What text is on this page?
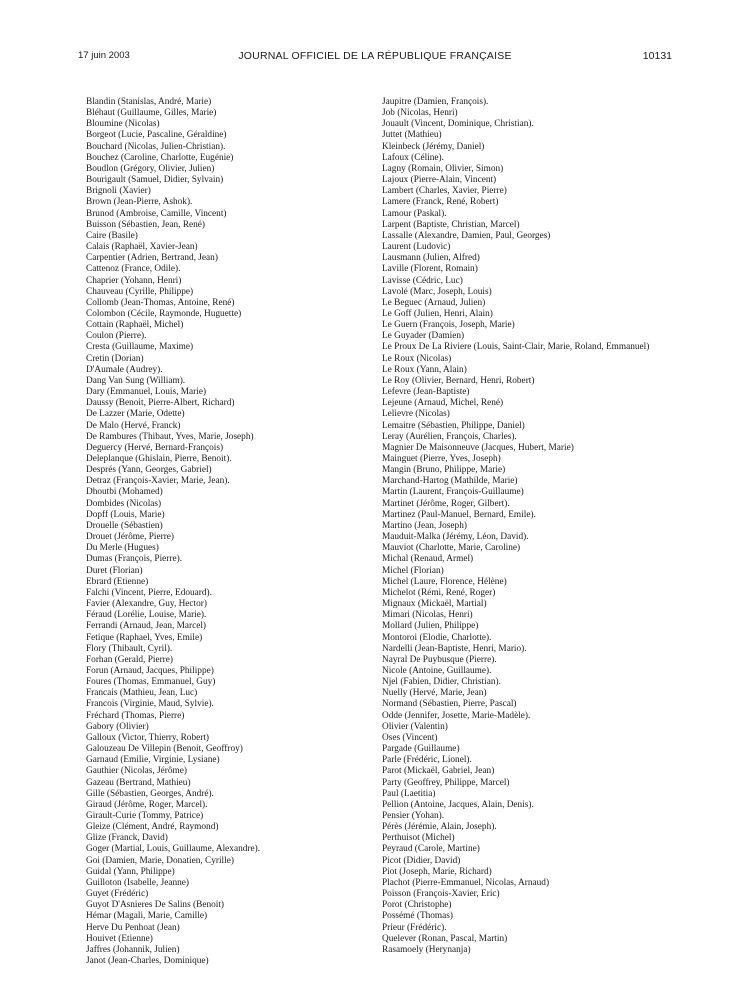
17 juin 2003	JOURNAL OFFICIEL DE LA RÉPUBLIQUE FRANÇAISE	10131
Blandin (Stanislas, André, Marie)
Bléhaut (Guillaume, Gilles, Marie)
Bloumine (Nicolas)
Borgeot (Lucie, Pascaline, Géraldine)
Bouchard (Nicolas, Julien-Christian).
Bouchez (Caroline, Charlotte, Eugénie)
Boudlon (Grégory, Olivier, Julien)
Bourigault (Samuel, Didier, Sylvain)
Brignoli (Xavier)
Brown (Jean-Pierre, Ashok).
Brunod (Ambroise, Camille, Vincent)
Buisson (Sébastien, Jean, René)
Caire (Basile)
Calais (Raphaël, Xavier-Jean)
Carpentier (Adrien, Bertrand, Jean)
Cattenoz (France, Odile).
Chaprier (Yohann, Henri)
Chauveau (Cyrille, Philippe)
Collomb (Jean-Thomas, Antoine, René)
Colombon (Cécile, Raymonde, Huguette)
Cottain (Raphaël, Michel)
Coulon (Pierre).
Cresta (Guillaume, Maxime)
Cretin (Dorian)
D'Aumale (Audrey).
Dang Van Sung (William).
Dary (Emmanuel, Louis, Marie)
Daussy (Benoit, Pierre-Albert, Richard)
De Lazzer (Marie, Odette)
De Malo (Hervé, Franck)
De Rambures (Thibaut, Yves, Marie, Joseph)
Deguercy (Hervé, Bernard-François)
Deleplanque (Ghislain, Pierre, Benoit).
Després (Yann, Georges, Gabriel)
Detraz (François-Xavier, Marie, Jean).
Dhoutbi (Mohamed)
Dombides (Nicolas)
Dopff (Louis, Marie)
Drouelle (Sébastien)
Drouet (Jérôme, Pierre)
Du Merle (Hugues)
Dumas (François, Pierre).
Duret (Florian)
Ebrard (Etienne)
Falchi (Vincent, Pierre, Edouard).
Favier (Alexandre, Guy, Hector)
Féraud (Lorélie, Louise, Marie).
Ferrandi (Arnaud, Jean, Marcel)
Fetique (Raphael, Yves, Emile)
Flory (Thibault, Cyril).
Forhan (Gerald, Pierre)
Forun (Arnaud, Jacques, Philippe)
Foures (Thomas, Emmanuel, Guy)
Francais (Mathieu, Jean, Luc)
Francois (Virginie, Maud, Sylvie).
Fréchard (Thomas, Pierre)
Gabory (Olivier)
Galloux (Victor, Thierry, Robert)
Galouzeau De Villepin (Benoit, Geoffroy)
Garnaud (Emilie, Virginie, Lysiane)
Gauthier (Nicolas, Jérôme)
Gazeau (Bertrand, Mathieu)
Gille (Sébastien, Georges, André).
Giraud (Jérôme, Roger, Marcel).
Girault-Curie (Tommy, Patrice)
Gleize (Clément, André, Raymond)
Glize (Franck, David)
Goger (Martial, Louis, Guillaume, Alexandre).
Goi (Damien, Marie, Donatien, Cyrille)
Guidal (Yann, Philippe)
Guilloton (Isabelle, Jeanne)
Guyet (Frédéric)
Guyot D'Asnieres De Salins (Benoit)
Hémar (Magali, Marie, Camille)
Herve Du Penhoat (Jean)
Houivet (Etienne)
Jaffres (Johannik, Julien)
Janot (Jean-Charles, Dominique)
Jaupitre (Damien, François).
Job (Nicolas, Henri)
Jouault (Vincent, Dominique, Christian).
Juttet (Mathieu)
Kleinbeck (Jérémy, Daniel)
Lafoux (Céline).
Lagny (Romain, Olivier, Simon)
Lajoux (Pierre-Alain, Vincent)
Lambert (Charles, Xavier, Pierre)
Lamere (Franck, René, Robert)
Lamour (Paskal).
Larpent (Baptiste, Christian, Marcel)
Lassalle (Alexandre, Damien, Paul, Georges)
Laurent (Ludovic)
Lausmann (Julien, Alfred)
Laville (Florent, Romain)
Lavisse (Cédric, Luc)
Lavolé (Marc, Joseph, Louis)
Le Beguec (Arnaud, Julien)
Le Goff (Julien, Henri, Alain)
Le Guern (François, Joseph, Marie)
Le Guyader (Damien)
Le Proux De La Riviere (Louis, Saint-Clair, Marie, Roland, Emmanuel)
Le Roux (Nicolas)
Le Roux (Yann, Alain)
Le Roy (Olivier, Bernard, Henri, Robert)
Lefevre (Jean-Baptiste)
Lejeune (Arnaud, Michel, René)
Lelievre (Nicolas)
Lemaitre (Sébastien, Philippe, Daniel)
Leray (Aurélien, François, Charles).
Magnier De Maisonneuve (Jacques, Hubert, Marie)
Mainguet (Pierre, Yves, Joseph)
Mangin (Bruno, Philippe, Marie)
Marchand-Hartog (Mathilde, Marie)
Martin (Laurent, François-Guillaume)
Martinet (Jérôme, Roger, Gilbert).
Martinez (Paul-Manuel, Bernard, Emile).
Martino (Jean, Joseph)
Mauduit-Malka (Jérémy, Léon, David).
Mauviot (Charlotte, Marie, Caroline)
Michal (Renaud, Armel)
Michel (Florian)
Michel (Laure, Florence, Hélène)
Michelot (Rémi, René, Roger)
Mignaux (Mickaël, Martial)
Mimari (Nicolas, Henri)
Mollard (Julien, Philippe)
Montoroi (Elodie, Charlotte).
Nardelli (Jean-Baptiste, Henri, Mario).
Nayral De Puybusque (Pierre).
Nicole (Antoine, Guillaume).
Njel (Fabien, Didier, Christian).
Nuelly (Hervé, Marie, Jean)
Normand (Sébastien, Pierre, Pascal)
Odde (Jennifer, Josette, Marie-Madèle).
Olivier (Valentin)
Oses (Vincent)
Pargade (Guillaume)
Parle (Frédéric, Lionel).
Parot (Mickaël, Gabriel, Jean)
Party (Geoffrey, Philippe, Marcel)
Paul (Laetitia)
Pellion (Antoine, Jacques, Alain, Denis).
Pensier (Yohan).
Pérès (Jérémie, Alain, Joseph).
Perthuisot (Michel)
Peyraud (Carole, Martine)
Picot (Didier, David)
Piot (Joseph, Marie, Richard)
Plachot (Pierre-Emmanuel, Nicolas, Arnaud)
Poisson (François-Xavier, Eric)
Porot (Christophe)
Possémé (Thomas)
Prieur (Frédéric).
Quelever (Ronan, Pascal, Martin)
Rasamoely (Herynanja)
